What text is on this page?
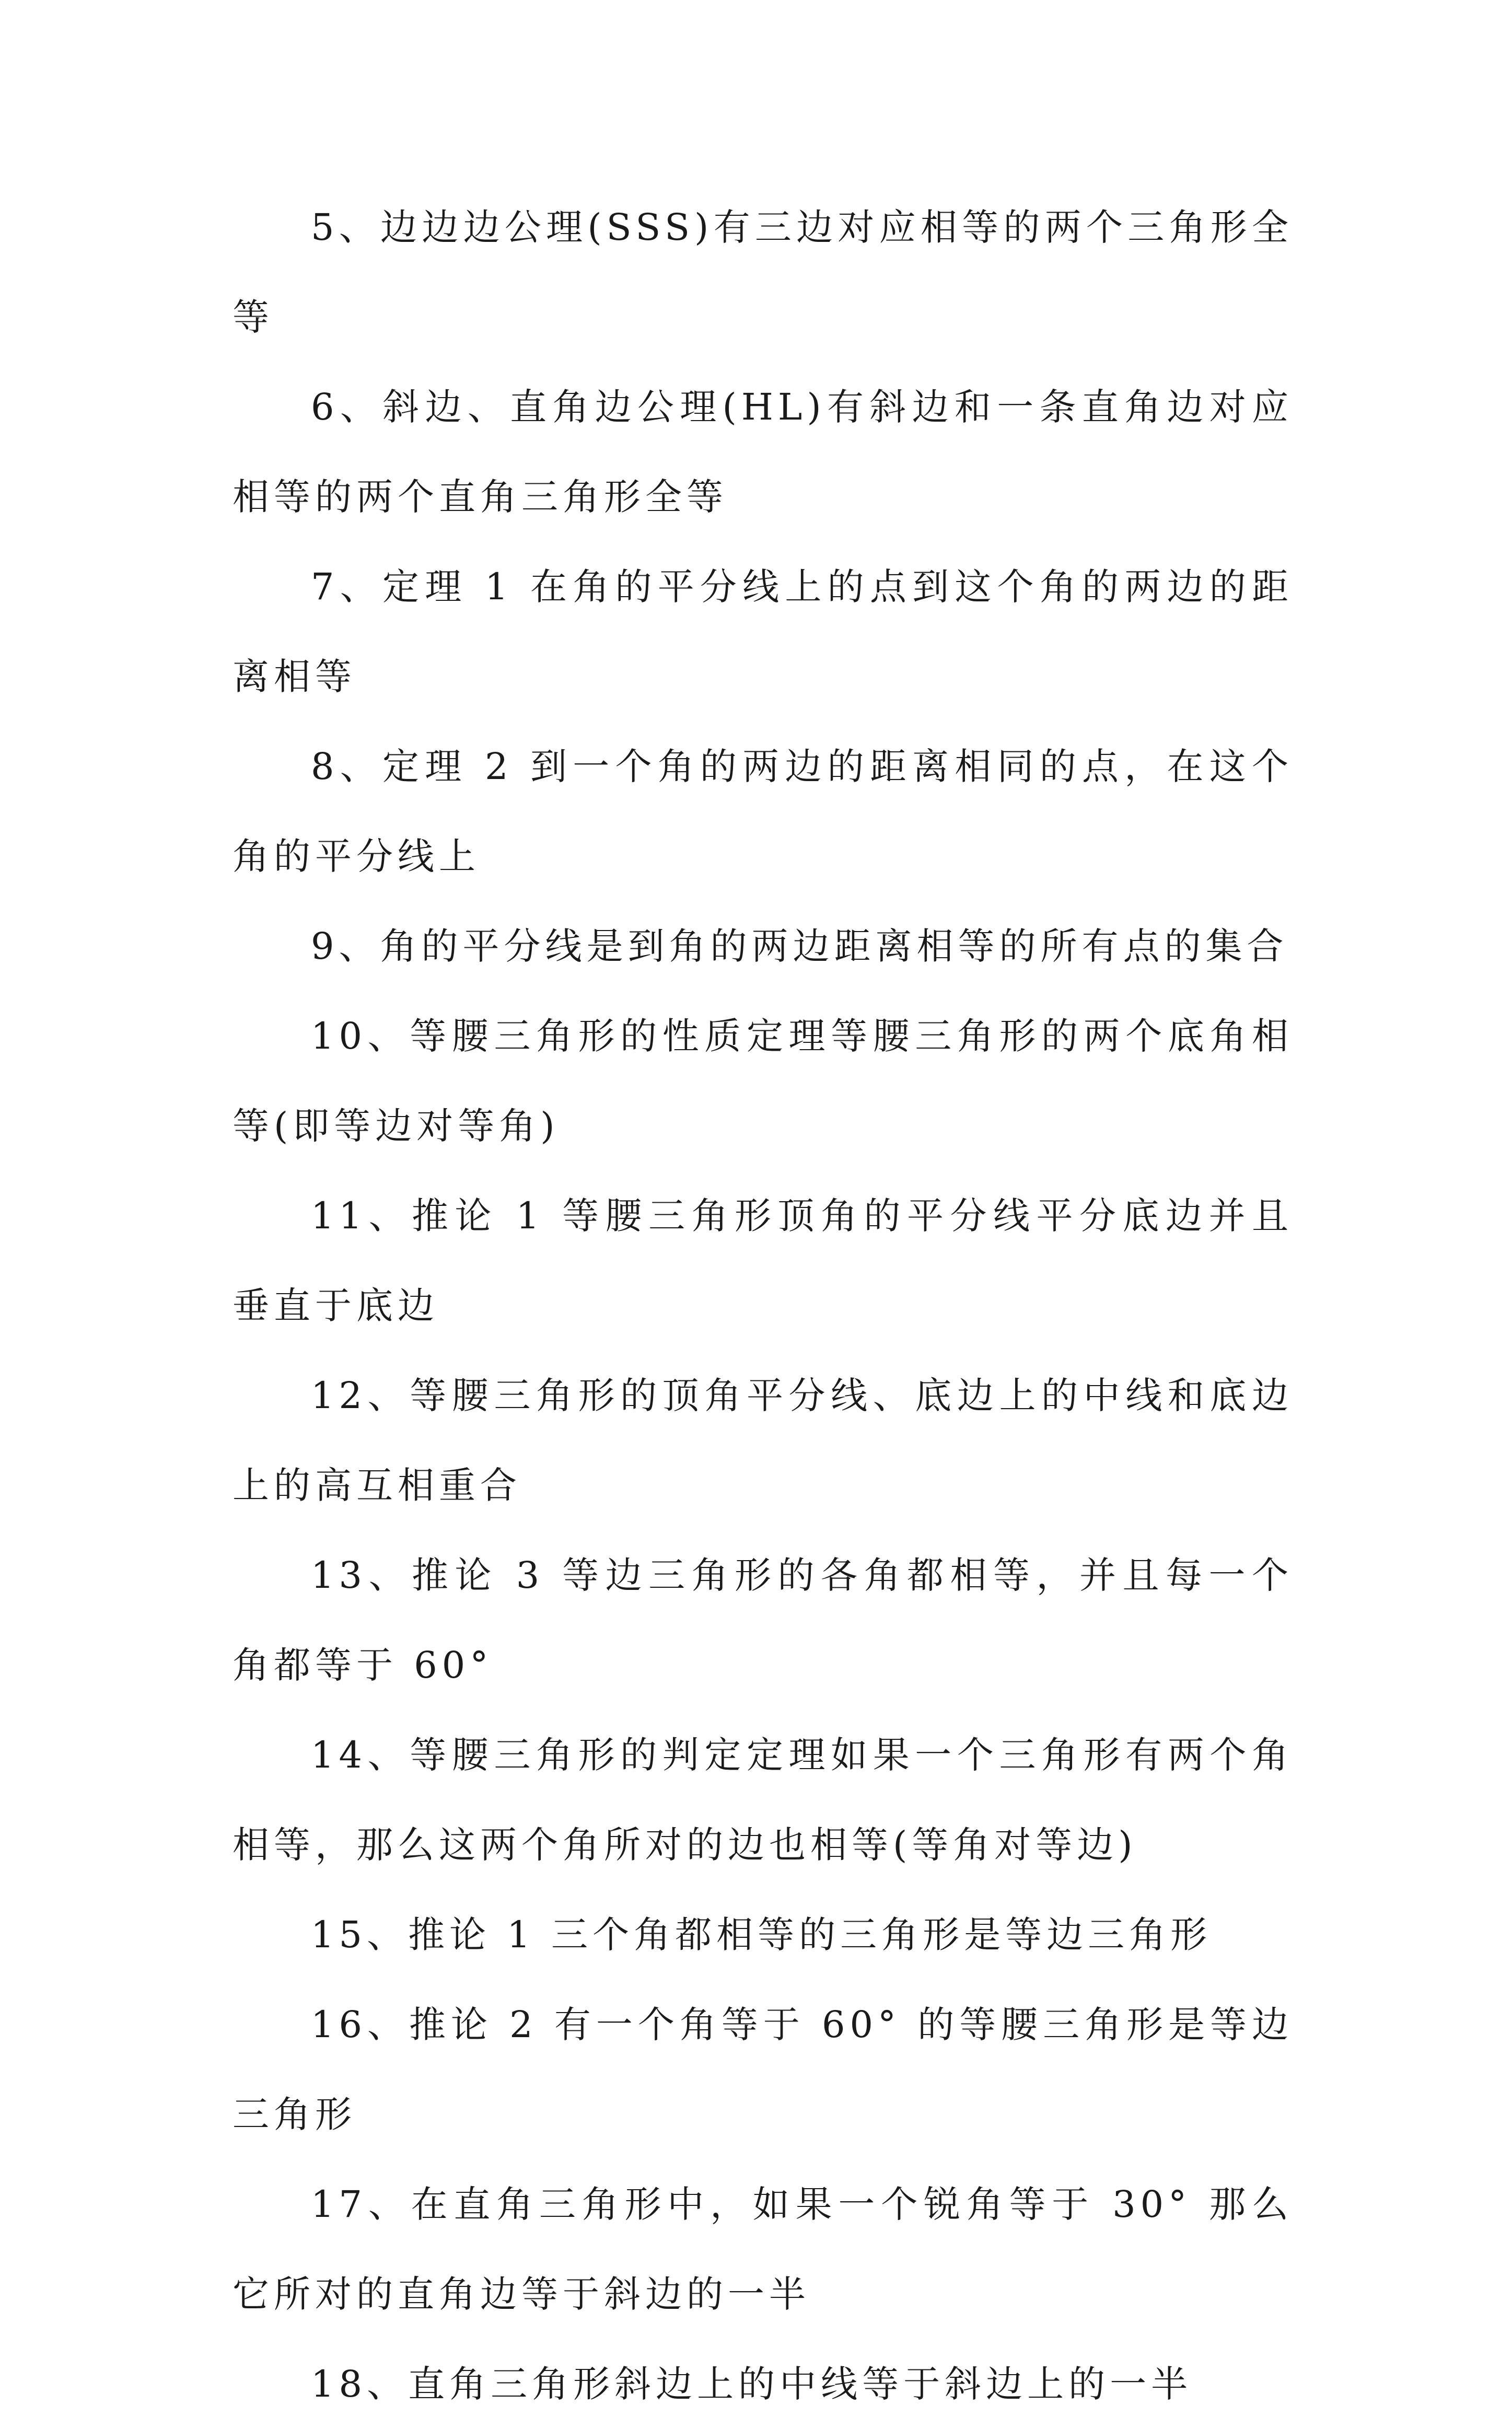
5、边边边公理(SSS)有三边对应相等的两个三角形全等

6、斜边、直角边公理(HL)有斜边和一条直角边对应相等的两个直角三角形全等

7、定理 1 在角的平分线上的点到这个角的两边的距离相等

8、定理 2 到一个角的两边的距离相同的点，在这个角的平分线上

9、角的平分线是到角的两边距离相等的所有点的集合

10、等腰三角形的性质定理等腰三角形的两个底角相等(即等边对等角)

11、推论 1 等腰三角形顶角的平分线平分底边并且垂直于底边

12、等腰三角形的顶角平分线、底边上的中线和底边上的高互相重合

13、推论 3 等边三角形的各角都相等，并且每一个角都等于 60°

14、等腰三角形的判定定理如果一个三角形有两个角相等，那么这两个角所对的边也相等(等角对等边)

15、推论 1 三个角都相等的三角形是等边三角形

16、推论 2 有一个角等于 60° 的等腰三角形是等边三角形

17、在直角三角形中，如果一个锐角等于 30° 那么它所对的直角边等于斜边的一半

18、直角三角形斜边上的中线等于斜边上的一半
